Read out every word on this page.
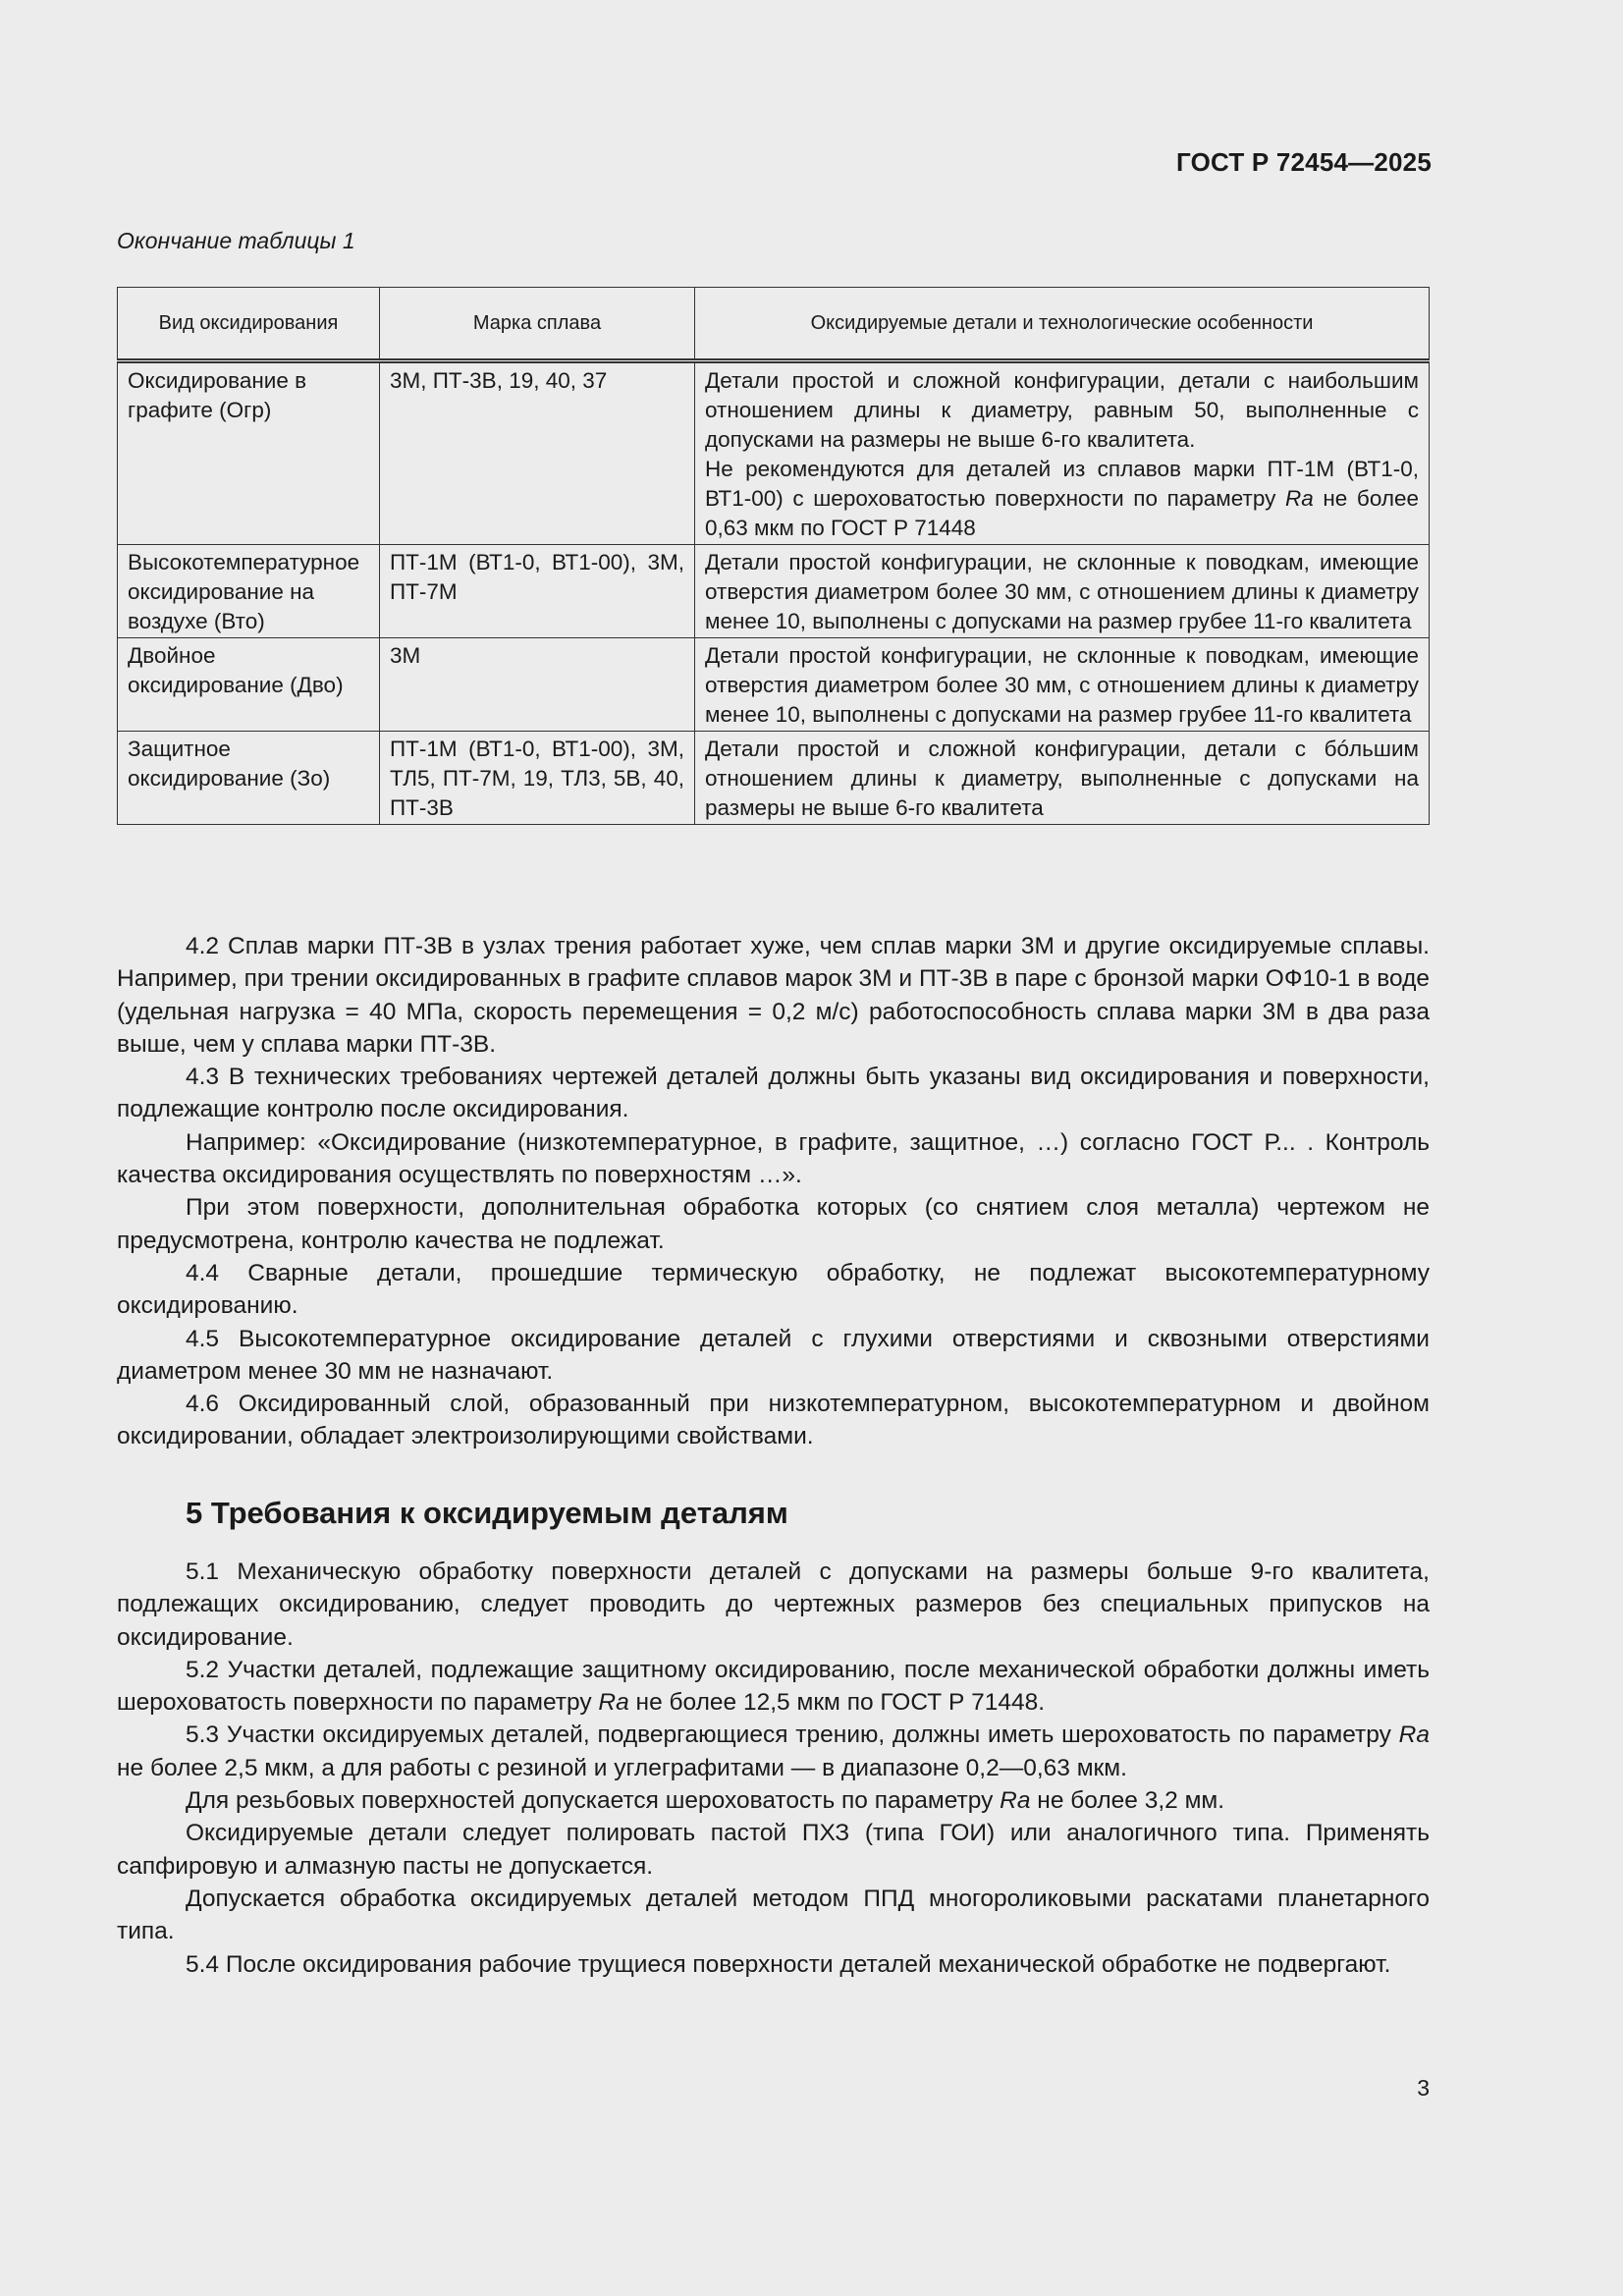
ГОСТ Р 72454—2025
Окончание таблицы 1
Вид оксидирования	Марка сплава	Оксидируемые детали и технологические особенности
Оксидирование в графите (Огр)	3М, ПТ-3В, 19, 40, 37	Детали простой и сложной конфигурации, детали с наибольшим отношением длины к диаметру, равным 50, выполненные с допусками на размеры не выше 6-го квалитета.
Не рекомендуются для деталей из сплавов марки ПТ-1М (ВТ1-0, ВТ1-00) с шероховатостью поверхности по параметру Ra не более 0,63 мкм по ГОСТ Р 71448

Высокотемпературное оксидирование на воздухе (Вто)	ПТ-1М (ВТ1-0, ВТ1-00), 3М, ПТ-7М	Детали простой конфигурации, не склонные к поводкам, имеющие отверстия диаметром более 30 мм, с отношением длины к диаметру менее 10, выполнены с допусками на размер грубее 11-го квалитета
Двойное оксидирование (Дво)	3М	Детали простой конфигурации, не склонные к поводкам, имеющие отверстия диаметром более 30 мм, с отношением длины к диаметру менее 10, выполнены с допусками на размер грубее 11-го квалитета
Защитное оксидирование (Зо)	ПТ-1М (ВТ1-0, ВТ1-00), 3М, ТЛ5, ПТ-7М, 19, ТЛ3, 5В, 40, ПТ-3В	Детали простой и сложной конфигурации, детали с бóльшим отношением длины к диаметру, выполненные с допусками на размеры не выше 6-го квалитета

4.2 Сплав марки ПТ-3В в узлах трения работает хуже, чем сплав марки 3М и другие оксидируемые сплавы. Например, при трении оксидированных в графите сплавов марок 3М и ПТ-3В в паре с бронзой марки ОФ10-1 в воде (удельная нагрузка = 40 МПа, скорость перемещения = 0,2 м/с) работоспособность сплава марки 3М в два раза выше, чем у сплава марки ПТ-3В.

4.3 В технических требованиях чертежей деталей должны быть указаны вид оксидирования и поверхности, подлежащие контролю после оксидирования.

Например: «Оксидирование (низкотемпературное, в графите, защитное, …) согласно ГОСТ Р... . Контроль качества оксидирования осуществлять по поверхностям …».

При этом поверхности, дополнительная обработка которых (со снятием слоя металла) чертежом не предусмотрена, контролю качества не подлежат.

4.4 Сварные детали, прошедшие термическую обработку, не подлежат высокотемпературному оксидированию.

4.5 Высокотемпературное оксидирование деталей с глухими отверстиями и сквозными отверстиями диаметром менее 30 мм не назначают.

4.6 Оксидированный слой, образованный при низкотемпературном, высокотемпературном и двойном оксидировании, обладает электроизолирующими свойствами.

5 Требования к оксидируемым деталям

5.1 Механическую обработку поверхности деталей с допусками на размеры больше 9-го квалитета, подлежащих оксидированию, следует проводить до чертежных размеров без специальных припусков на оксидирование.

5.2 Участки деталей, подлежащие защитному оксидированию, после механической обработки должны иметь шероховатость поверхности по параметру Ra не более 12,5 мкм по ГОСТ Р 71448.

5.3 Участки оксидируемых деталей, подвергающиеся трению, должны иметь шероховатость по параметру Ra не более 2,5 мкм, а для работы с резиной и углеграфитами — в диапазоне 0,2—0,63 мкм.

Для резьбовых поверхностей допускается шероховатость по параметру Ra не более 3,2 мм.

Оксидируемые детали следует полировать пастой ПХЗ (типа ГОИ) или аналогичного типа. Применять сапфировую и алмазную пасты не допускается.

Допускается обработка оксидируемых деталей методом ППД многороликовыми раскатами планетарного типа.

5.4 После оксидирования рабочие трущиеся поверхности деталей механической обработке не подвергают.

3
